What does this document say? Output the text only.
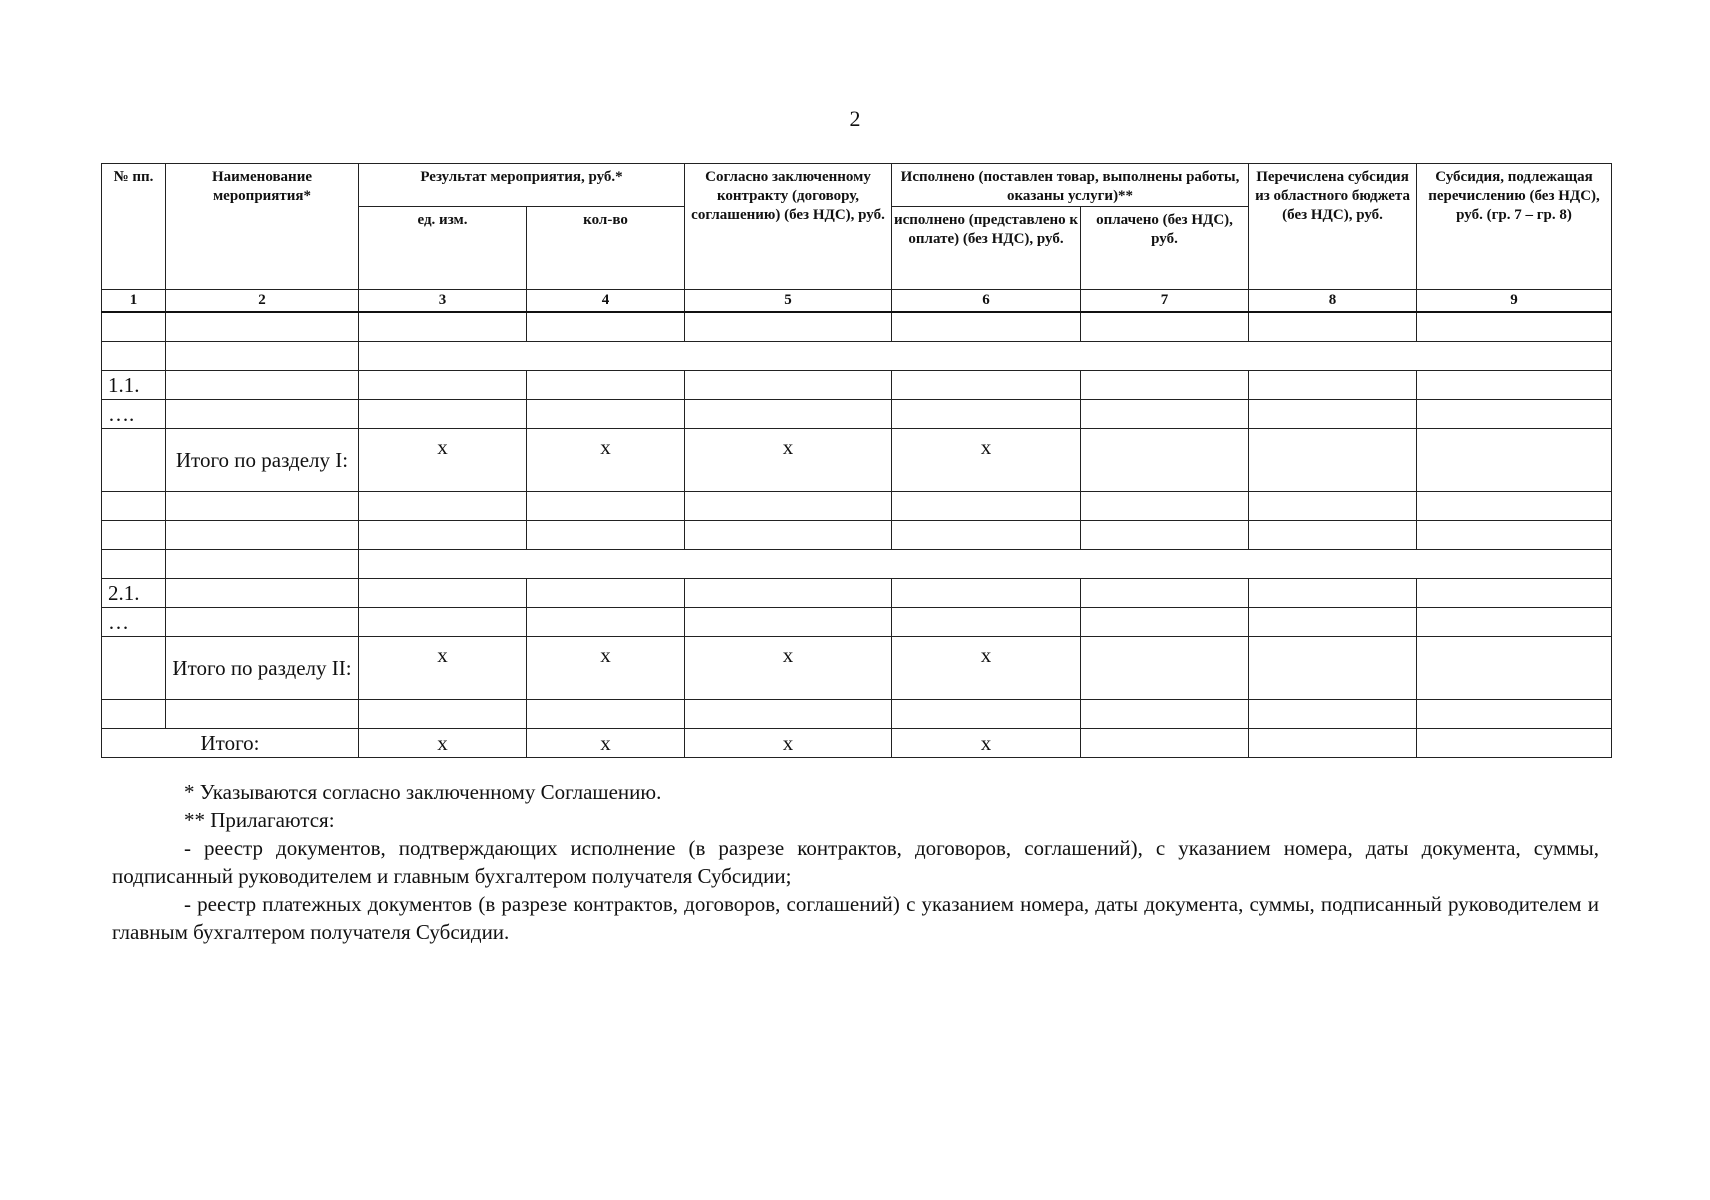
2
№ пп.	Наименование мероприятия*	Результат мероприятия, руб.*		Согласно заключенному контракту (договору, соглашению) (без НДС), руб.	Исполнено (поставлен товар, выполнены работы, оказаны услуги)**		Перечислена субсидия из областного бюджета (без НДС), руб.	Субсидия, подлежащая перечислению (без НДС), руб. (гр. 7 – гр. 8)
		ед. изм.	кол-во		исполнено (представлено к оплате) (без НДС), руб.	оплачено (без НДС), руб.		
1	2	3	4	5	6	7	8	9

1.1.								
….								
	Итого по разделу I:	x	x	x	x			

2.1.								
…								
	Итого по разделу II:	x	x	x	x			

Итого:		x	x	x	x			

* Указываются согласно заключенному Соглашению.

** Прилагаются:

- реестр документов, подтверждающих исполнение (в разрезе контрактов, договоров, соглашений), с указанием номера, даты документа, суммы, подписанный руководителем и главным бухгалтером получателя Субсидии;

- реестр платежных документов (в разрезе контрактов, договоров, соглашений) с указанием номера, даты документа, суммы, подписанный руководителем и главным бухгалтером получателя Субсидии.
